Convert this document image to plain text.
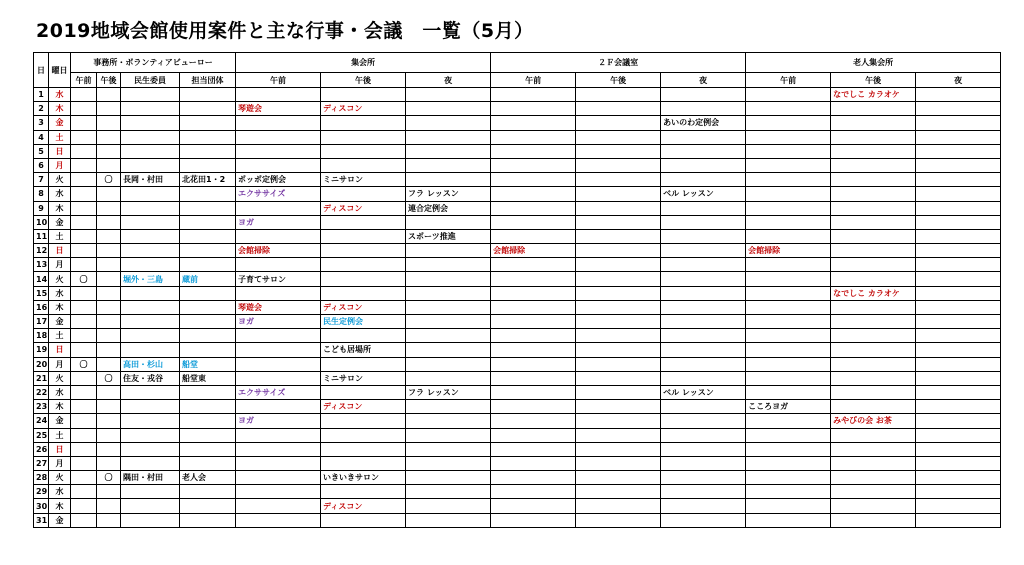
2019地域会館使用案件と主な行事・会議　一覧（5月）
日	曜日	事務所・ボランティアビューロー				集会所			２Ｆ会議室			老人集会所		
		午前	午後	民生委員	担当団体	午前	午後	夜	午前	午後	夜	午前	午後	夜
1	水												なでしこ カラオケ	
2	木					琴遊会	ディスコン							
3	金										あいのわ定例会			
4	土													
5	日													
6	月													
7	火		〇	長岡・村田	北花田1・2	ポッポ定例会	ミニサロン							
8	水					エクササイズ		フラ レッスン			ベル レッスン			
9	木						ディスコン	連合定例会						
10	金					ヨガ								
11	土							スポーツ推進						
12	日					会館掃除			会館掃除			会館掃除		
13	月													
14	火	〇		堀外・三島	蔵前	子育てサロン								
15	水												なでしこ カラオケ	
16	木					琴遊会	ディスコン							
17	金					ヨガ	民生定例会							
18	土													
19	日						こども居場所							
20	月	〇		高田・杉山	船堂									
21	火		〇	住友・戎谷	船堂東		ミニサロン							
22	水					エクササイズ		フラ レッスン			ベル レッスン			
23	木						ディスコン					こころヨガ		
24	金					ヨガ							みやびの会 お茶	
25	土													
26	日													
27	月													
28	火		〇	隅田・村田	老人会		いきいきサロン							
29	水													
30	木						ディスコン							
31	金													
